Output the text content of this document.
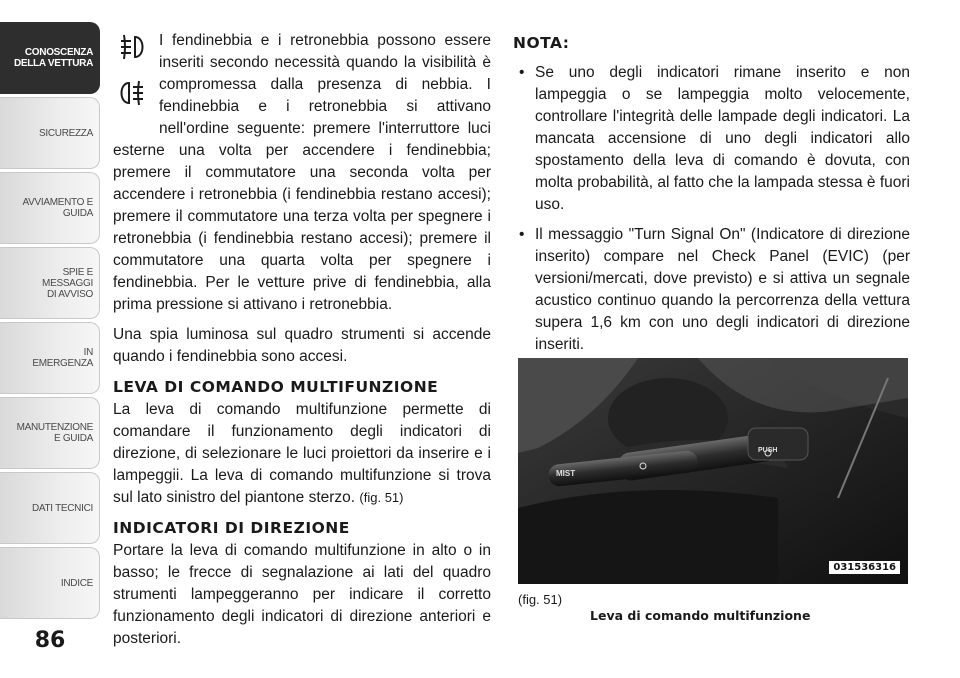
CONOSCENZA
DELLA VETTURA
SICUREZZA
AVVIAMENTO E
GUIDA
SPIE E
MESSAGGI
DI AVVISO
IN
EMERGENZA
MANUTENZIONE
E GUIDA
DATI TECNICI
INDICE
86

I fendinebbia e i retronebbia possono essere inseriti secondo necessità quando la visibilità è compromessa dalla presenza di nebbia. I fendinebbia e i retronebbia si attivano nell'ordine seguente: premere l'interruttore luci esterne una volta per accendere i fendinebbia; premere il commutatore una seconda volta per accendere i retronebbia (i fendinebbia restano accesi); premere il commutatore una terza volta per spegnere i retronebbia (i fendinebbia restano accesi); premere il commutatore una quarta volta per spegnere i fendinebbia. Per le vetture prive di fendinebbia, alla prima pressione si attivano i retronebbia.

Una spia luminosa sul quadro strumenti si accende quando i fendinebbia sono accesi.

LEVA DI COMANDO MULTIFUNZIONE

La leva di comando multifunzione permette di comandare il funzionamento degli indicatori di direzione, di selezionare le luci proiettori da inserire e i lampeggii. La leva di comando multifunzione si trova sul lato sinistro del piantone sterzo. (fig. 51)

INDICATORI DI DIREZIONE

Portare la leva di comando multifunzione in alto o in basso; le frecce di segnalazione ai lati del quadro strumenti lampeggeranno per indicare il corretto funzionamento degli indicatori di direzione anteriori e posteriori.

NOTA:
• Se uno degli indicatori rimane inserito e non lampeggia o se lampeggia molto velocemente, controllare l'integrità delle lampade degli indicatori. La mancata accensione di uno degli indicatori allo spostamento della leva di comando è dovuta, con molta probabilità, al fatto che la lampada stessa è fuori uso.
• Il messaggio "Turn Signal On" (Indicatore di direzione inserito) compare nel Check Panel (EVIC) (per versioni/mercati, dove previsto) e si attiva un segnale acustico continuo quando la percorrenza della vettura supera 1,6 km con uno degli indicatori di direzione inseriti.
MIST
PUSH
031536316
(fig. 51)
Leva di comando multifunzione
